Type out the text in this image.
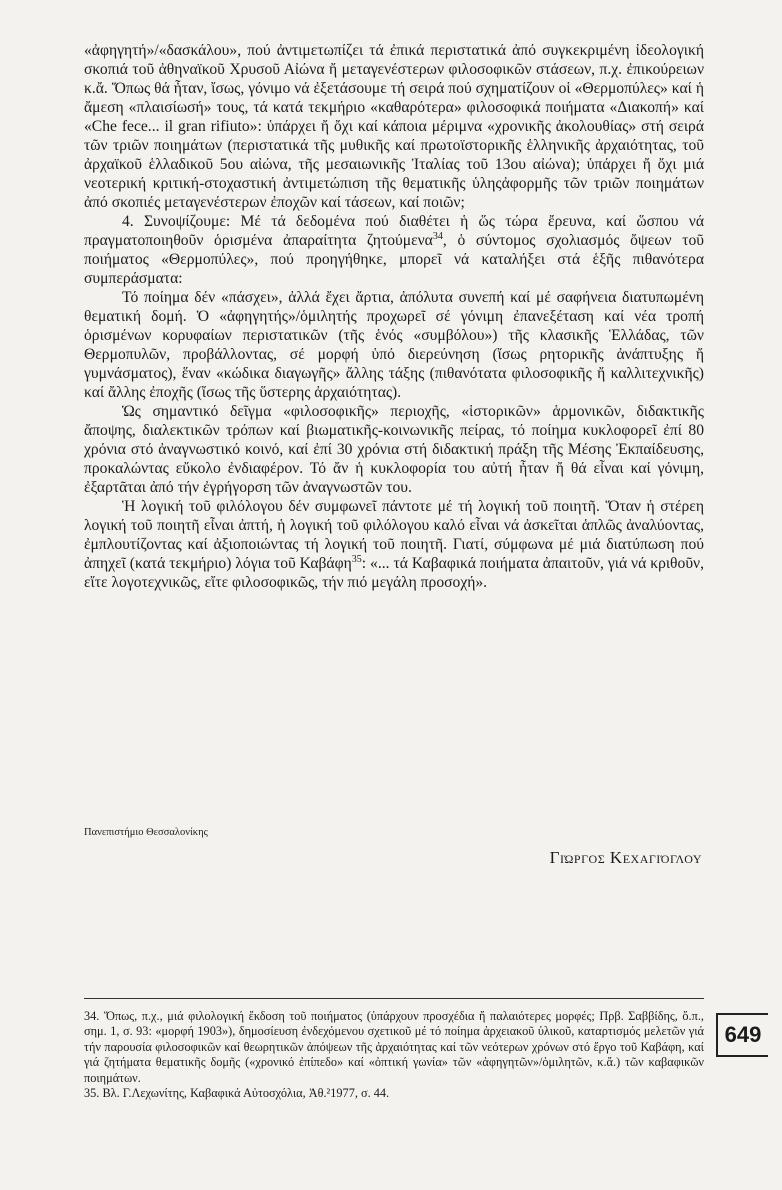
«ἀφηγητή»/«δασκάλου», πού ἀντιμετωπίζει τά ἐπικά περιστατικά ἀπό συγκεκριμένη ἰδεολογική σκοπιά τοῦ ἀθηναϊκοῦ Χρυσοῦ Αἰώνα ἤ μεταγενέστερων φιλοσοφικῶν στάσεων, π.χ. ἐπικούρειων κ.ἄ. Ὅπως θά ἦταν, ἴσως, γόνιμο νά ἐξετάσουμε τή σειρά πού σχηματίζουν οἱ «Θερμοπύλες» καί ἡ ἄμεση «πλαισίωσή» τους, τά κατά τεκμήριο «καθαρότερα» φιλοσοφικά ποιήματα «Διακοπή» καί «Che fece... il gran rifiuto»: ὑπάρχει ἤ ὄχι καί κάποια μέριμνα «χρονικῆς ἀκολουθίας» στή σειρά τῶν τριῶν ποιημάτων (περιστατικά τῆς μυθικῆς καί πρωτοϊστορικῆς ἑλληνικῆς ἀρχαιότητας, τοῦ ἀρχαϊκοῦ ἑλλαδικοῦ 5ου αἰώνα, τῆς μεσαιωνικῆς Ἰταλίας τοῦ 13ου αἰώνα); ὑπάρχει ἤ ὄχι μιά νεοτερική κριτική-στοχαστική ἀντιμετώπιση τῆς θεματικῆς ὑληςἀφορμῆς τῶν τριῶν ποιημάτων ἀπό σκοπιές μεταγενέστερων ἐποχῶν καί τάσεων, καί ποιῶν;

4. Συνοψίζουμε: Μέ τά δεδομένα πού διαθέτει ἡ ὥς τώρα ἔρευνα, καί ὥσπου νά πραγματοποιηθοῦν ὁρισμένα ἀπαραίτητα ζητούμενα$^{34}$, ὁ σύντομος σχολιασμός ὄψεων τοῦ ποιήματος «Θερμοπύλες», πού προηγήθηκε, μπορεῖ νά καταλήξει στά ἑξῆς πιθανότερα συμπεράσματα:

Τό ποίημα δέν «πάσχει», ἀλλά ἔχει ἄρτια, ἀπόλυτα συνεπή καί μέ σαφήνεια διατυπωμένη θεματική δομή. Ὁ «ἀφηγητής»/ὁμιλητής προχωρεῖ σέ γόνιμη ἐπανεξέταση καί νέα τροπή ὁρισμένων κορυφαίων περιστατικῶν (τῆς ἑνός «συμβόλου») τῆς κλασικῆς Ἑλλάδας, τῶν Θερμοπυλῶν, προβάλλοντας, σέ μορφή ὑπό διερεύνηση (ἴσως ρητορικῆς ἀνάπτυξης ἤ γυμνάσματος), ἕναν «κώδικα διαγωγῆς» ἄλλης τάξης (πιθανότατα φιλοσοφικῆς ἤ καλλιτεχνικῆς) καί ἄλλης ἐποχῆς (ἴσως τῆς ὕστερης ἀρχαιότητας).

Ὡς σημαντικό δεῖγμα «φιλοσοφικῆς» περιοχῆς, «ἱστορικῶν» ἁρμονικῶν, διδακτικῆς ἄποψης, διαλεκτικῶν τρόπων καί βιωματικῆς-κοινωνικῆς πείρας, τό ποίημα κυκλοφορεῖ ἐπί 80 χρόνια στό ἀναγνωστικό κοινό, καί ἐπί 30 χρόνια στή διδακτική πράξη τῆς Μέσης Ἐκπαίδευσης, προκαλώντας εὔκολο ἐνδιαφέρον. Τό ἄν ἡ κυκλοφορία του αὐτή ἦταν ἤ θά εἶναι καί γόνιμη, ἐξαρτᾶται ἀπό τήν ἐγρήγορση τῶν ἀναγνωστῶν του.

Ἡ λογική τοῦ φιλόλογου δέν συμφωνεῖ πάντοτε μέ τή λογική τοῦ ποιητῆ. Ὅταν ἡ στέρεη λογική τοῦ ποιητῆ εἶναι ἀπτή, ἡ λογική τοῦ φιλόλογου καλό εἶναι νά ἀσκεῖται ἁπλῶς ἀναλύοντας, ἐμπλουτίζοντας καί ἀξιοποιώντας τή λογική τοῦ ποιητῆ. Γιατί, σύμφωνα μέ μιά διατύπωση πού ἀπηχεῖ (κατά τεκμήριο) λόγια τοῦ Καβάφη$^{35}$: «... τά Καβαφικά ποιήματα ἀπαιτοῦν, γιά νά κριθοῦν, εἴτε λογοτεχνικῶς, εἴτε φιλοσοφικῶς, τήν πιό μεγάλη προσοχή».

Πανεπιστήμιο Θεσσαλονίκης
Γιώργος Κεχαγιόγλου

34. Ὅπως, π.χ., μιά φιλολογική ἔκδοση τοῦ ποιήματος (ὑπάρχουν προσχέδια ἤ παλαιότερες μορφές; Πρβ. Σαββίδης, ὅ.π., σημ. 1, σ. 93: «μορφή 1903»), δημοσίευση ἐνδεχόμενου σχετικοῦ μέ τό ποίημα ἀρχειακοῦ ὑλικοῦ, καταρτισμός μελετῶν γιά τήν παρουσία φιλοσοφικῶν καί θεωρητικῶν ἀπόψεων τῆς ἀρχαιότητας καί τῶν νεότερων χρόνων στό ἔργο τοῦ Καβάφη, καί γιά ζητήματα θεματικῆς δομῆς («χρονικό ἐπίπεδο» καί «ὀπτική γωνία» τῶν «ἀφηγητῶν»/ὁμιλητῶν, κ.ἄ.) τῶν καβαφικῶν ποιημάτων.

35. Βλ. Γ.Λεχωνίτης, Καβαφικά Αὐτοσχόλια, Ἀθ.²1977, σ. 44.

649
